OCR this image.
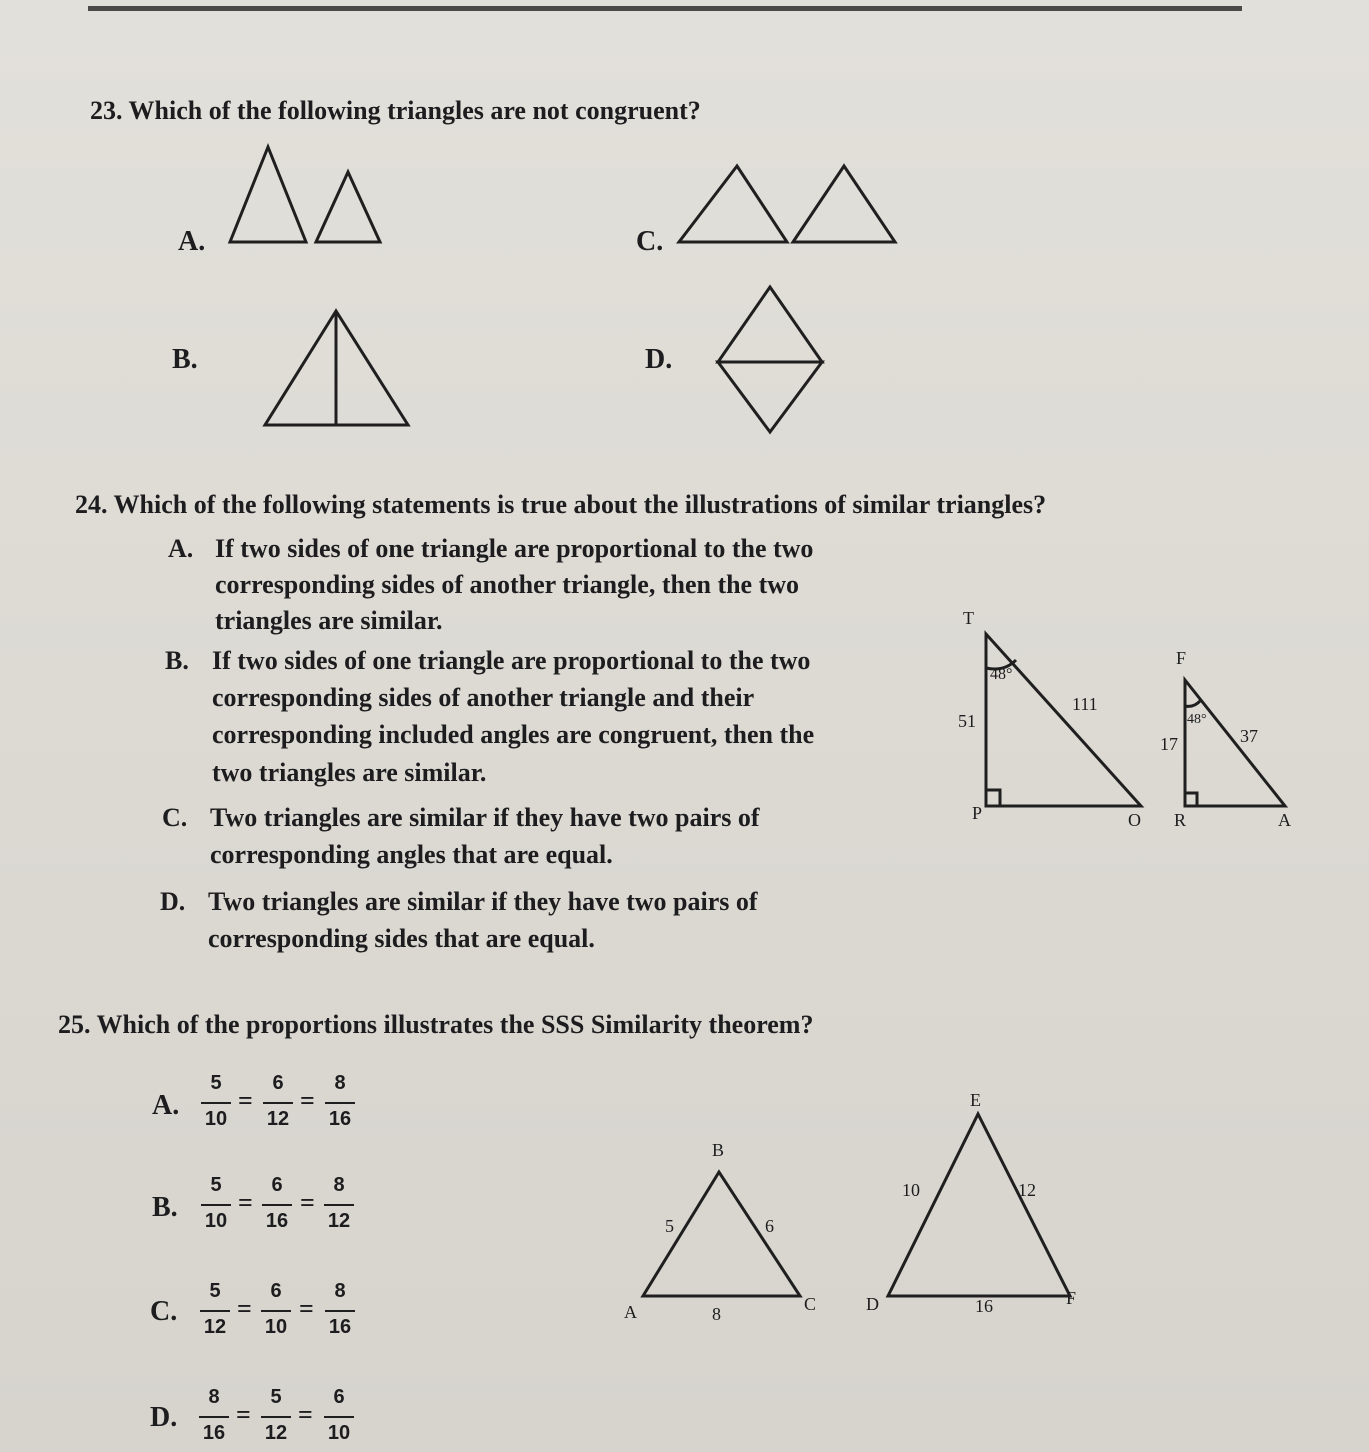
23. Which of the following triangles are not congruent?
A.	C.
B.	D.
24. Which of the following statements is true about the illustrations of similar triangles?
A. If two sides of one triangle are proportional to the two
corresponding sides of another triangle, then the two
triangles are similar.
B. If two sides of one triangle are proportional to the two
corresponding sides of another triangle and their
corresponding included angles are congruent, then the
two triangles are similar.
C. Two triangles are similar if they have two pairs of
corresponding angles that are equal.
D. Two triangles are similar if they have two pairs of
corresponding sides that are equal.
T
P	O
48°
51
111
F
R	A
48°
17	37
25. Which of the proportions illustrates the SSS Similarity theorem?
A.
5
10
=
6
12
=
8
16
B.
5
10
=
6
16
=
8
12
C.
5
12
=
6
10
=
8
16
D.
8
16
=
5
12
=
6
10
B
A	C
5	6
8
E
D	F
10	12
16
